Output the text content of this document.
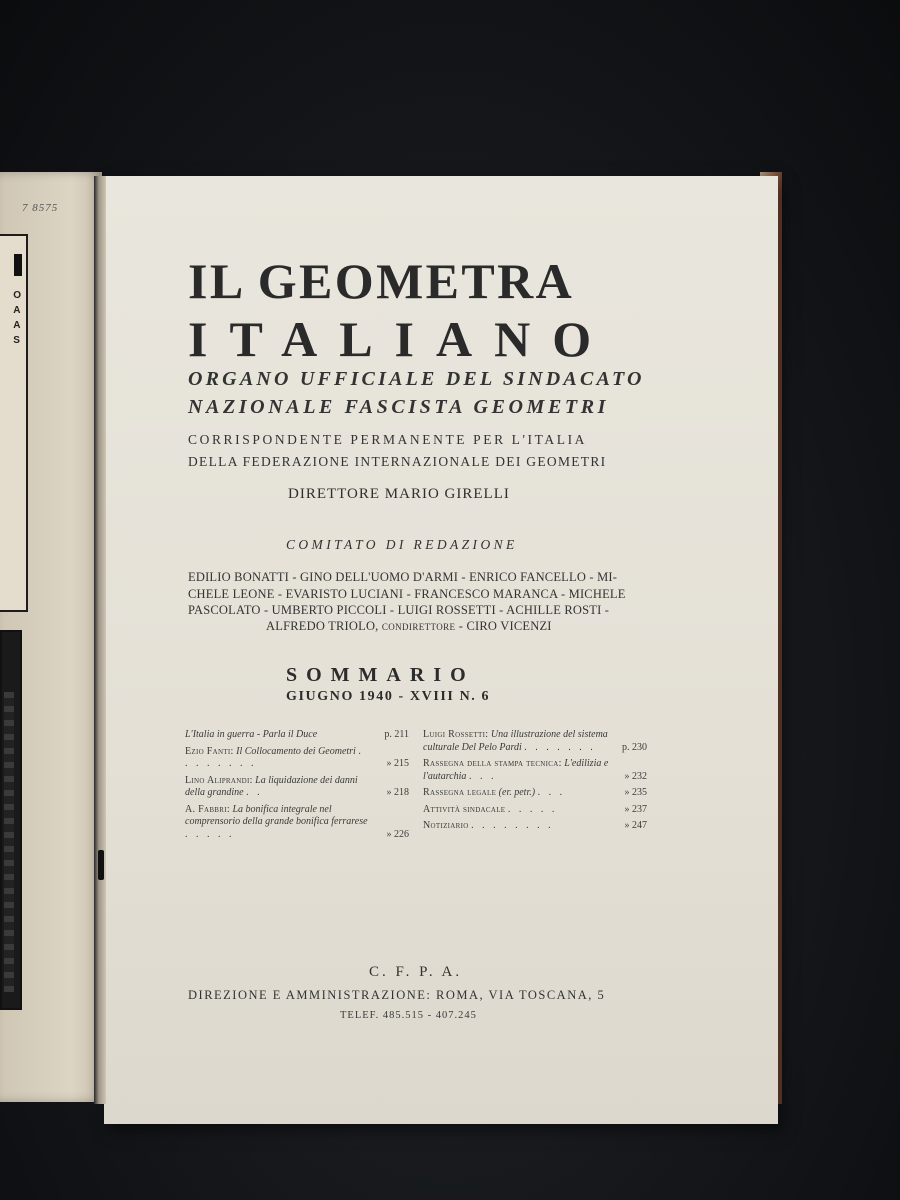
7 8575
O
A
A
S
IL GEOMETRA
ITALIANO
ORGANO UFFICIALE DEL SINDACATO
NAZIONALE FASCISTA GEOMETRI
CORRISPONDENTE PERMANENTE PER L'ITALIA
DELLA FEDERAZIONE INTERNAZIONALE DEI GEOMETRI
DIRETTORE MARIO GIRELLI
COMITATO DI REDAZIONE
EDILIO BONATTI - GINO DELL'UOMO D'ARMI - ENRICO FANCELLO - MI-
CHELE LEONE - EVARISTO LUCIANI - FRANCESCO MARANCA - MICHELE
PASCOLATO - UMBERTO PICCOLI - LUIGI ROSSETTI - ACHILLE ROSTI -
ALFREDO TRIOLO, CONDIRETTORE - CIRO VICENZI
SOMMARIO
GIUGNO 1940 - XVIII N. 6
L'Italia in guerra - Parla il Duce	p. 211
Ezio Fanti: Il Collocamento dei Geometri . . . . . . . .	» 215
Lino Aliprandi: La liquidazione dei danni della grandine . .	» 218
A. Fabbri: La bonifica integrale nel comprensorio della grande bonifica ferrarese . . . . .	» 226
Luigi Rossetti: Una illustrazione del sistema culturale Del Pelo Pardi . . . . . . .	p. 230
Rassegna della stampa tecnica: L'edilizia e l'autarchia . . .	» 232
Rassegna legale (er. petr.) . . .	» 235
Attività sindacale . . . . .	» 237
Notiziario . . . . . . . .	» 247
C. F. P. A.
DIREZIONE E AMMINISTRAZIONE: ROMA, VIA TOSCANA, 5
TELEF. 485.515 - 407.245
